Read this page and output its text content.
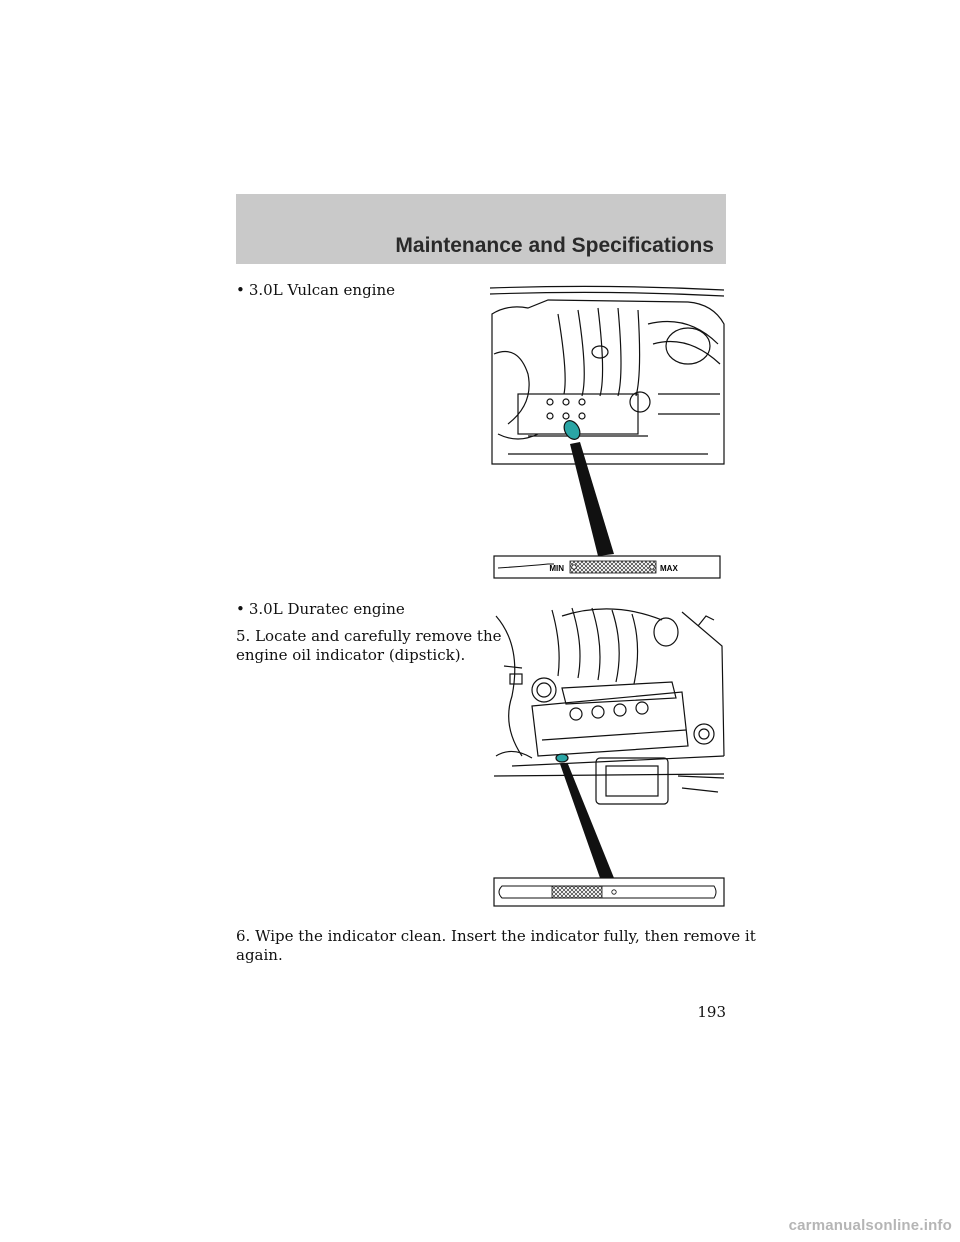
Maintenance and Specifications
• 3.0L Vulcan engine
MIN	MAX
• 3.0L Duratec engine
5. Locate and carefully remove the
engine oil indicator (dipstick).
6. Wipe the indicator clean. Insert the indicator fully, then remove it
again.
193
carmanualsonline.info
